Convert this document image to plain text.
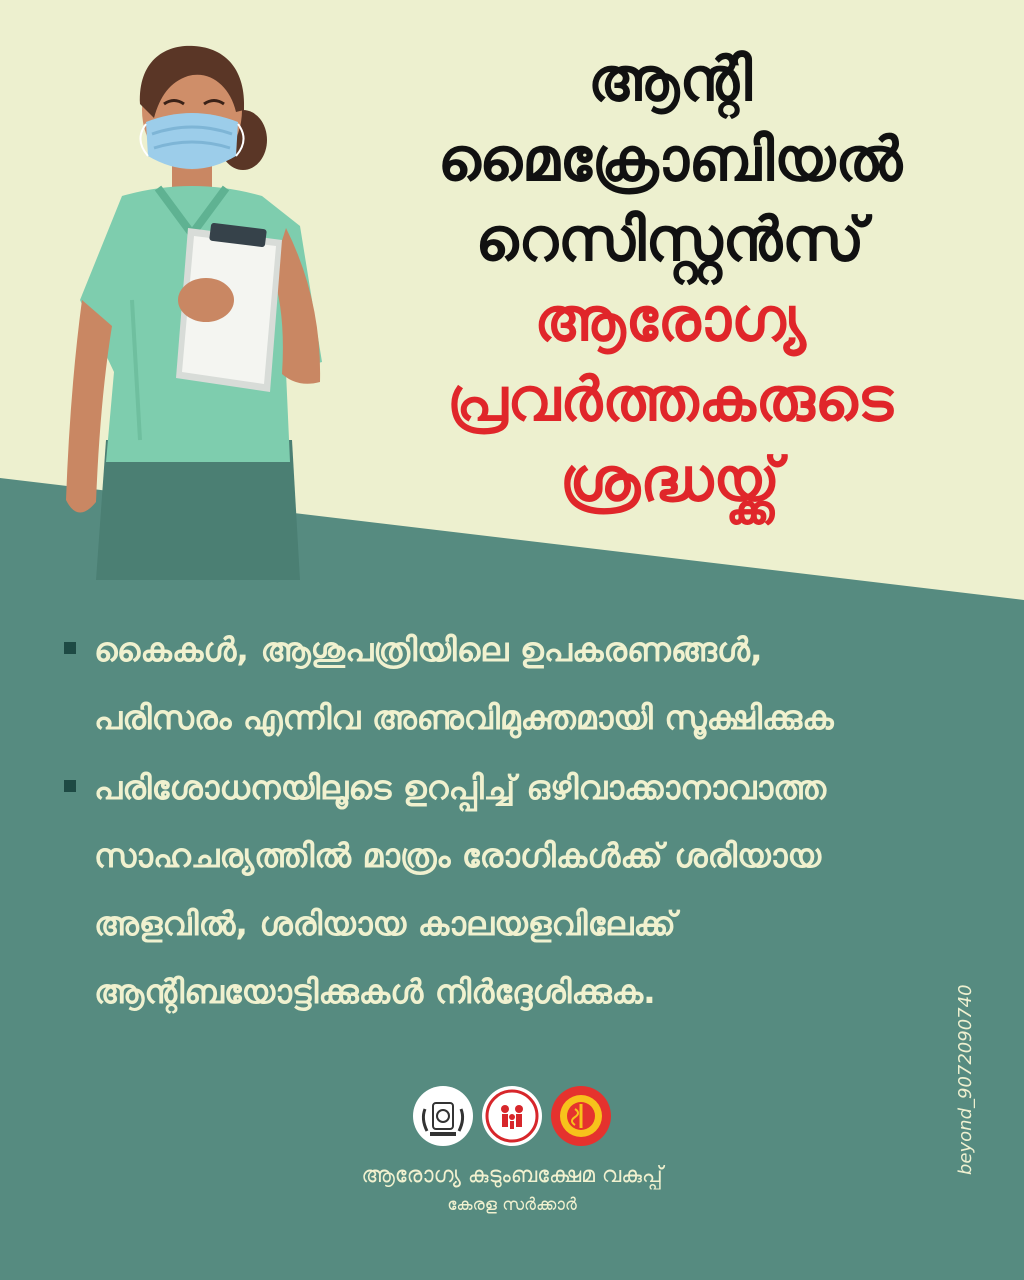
ആന്റി
മൈക്രോബിയൽ
റെസിസ്റ്റൻസ്
ആരോഗ്യ
പ്രവർത്തകരുടെ
ശ്രദ്ധയ്ക്ക്
കൈകൾ, ആശുപത്രിയിലെ ഉപകരണങ്ങൾ,
പരിസരം എന്നിവ അണുവിമുക്തമായി സൂക്ഷിക്കുക
പരിശോധനയിലൂടെ ഉറപ്പിച്ച് ഒഴിവാക്കാനാവാത്ത
സാഹചര്യത്തിൽ മാത്രം രോഗികൾക്ക് ശരിയായ
അളവിൽ, ശരിയായ കാലയളവിലേക്ക്
ആന്റിബയോട്ടിക്കുകൾ നിർദ്ദേശിക്കുക.	beyond_9072090740
ആരോഗ്യ കുടുംബക്ഷേമ വകുപ്പ്
കേരള സർക്കാർ
